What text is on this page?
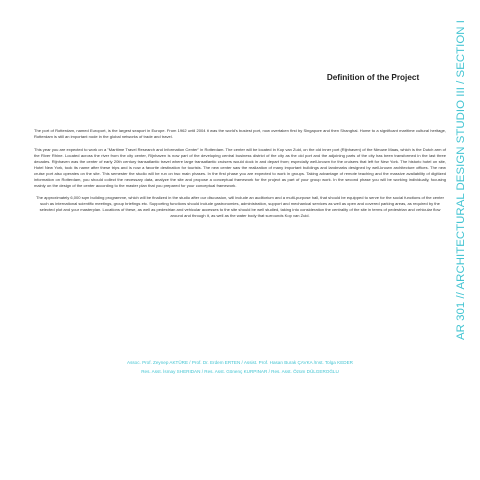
Definition of the Project

The port of Rotterdam, named Europort, is the largest seaport in Europe. From 1962 until 2004 it was the world's busiest port, now overtaken first by Singapore and then Shanghai. Home to a significant maritime cultural heritage, Rotterdam is still an important node in the global networks of trade and travel.

This year you are expected to work on a "Maritime Travel Research and Information Center" in Rotterdam. The center will be located in Kop van Zuid, on the old inner port (Rijnhaven) of the Nieuwe Maas, which is the Dutch arm of the River Rhine. Located across the river from the city center, Rijnhaven is now part of the developing central business district of the city as the old port and the adjoining parts of the city has been transformed in the last three decades. Rijnhaven was the center of early 20th century transatlantic travel where large transatlantic cruisers would dock in and depart from; especially well-known for the cruisers that left for New York. The historic hotel on site, Hotel New York, took its name after these trips and is now a favorite destination for tourists. The new center saw the realization of many important buildings and landmarks designed by well-known architecture offices. The new cruise port also operates on the site. This semester the studio will be run on two main phases. In the first phase you are expected to work in groups. Taking advantage of remote teaching and the massive availability of digitized information on Rotterdam, you should collect the necessary data, analyze the site and propose a conceptual framework for the project as part of your group work. In the second phase you will be working individually, focusing mainly on the design of the center according to the master plan that you prepared for your conceptual framework.

The approximately 6,000 sqm building programme, which will be finalized in the studio after our discussion, will include an auditorium and a multi-purpose hall, that should be equipped to serve for the social functions of the center such as international scientific meetings, group briefings etc. Supporting functions should include gastronomies, administration, support and mechanical services as well as open and covered parking areas, as required by the selected plot and your masterplan. Locations of these, as well as pedestrian and vehicular accesses to the site should be well studied, taking into consideration the centrality of the site in terms of pedestrian and vehicular flow around and through it, as well as the water body that surrounds Kop van Zuid.

Assoc. Prof. Zeynep AKTÜRE / Prof. Dr. Erdem ERTEN / Assist. Prof. Hasan Burak ÇAVKA /Inst. Tolga KEDER
Res. Asst. İsmay SHERIDAN / Res. Asst. Gönenç KURPINAR / Res. Asst. Özüm DÜLGEROĞLU
AR 301 // ARCHITECTURAL DESIGN STUDIO III / SECTION I
